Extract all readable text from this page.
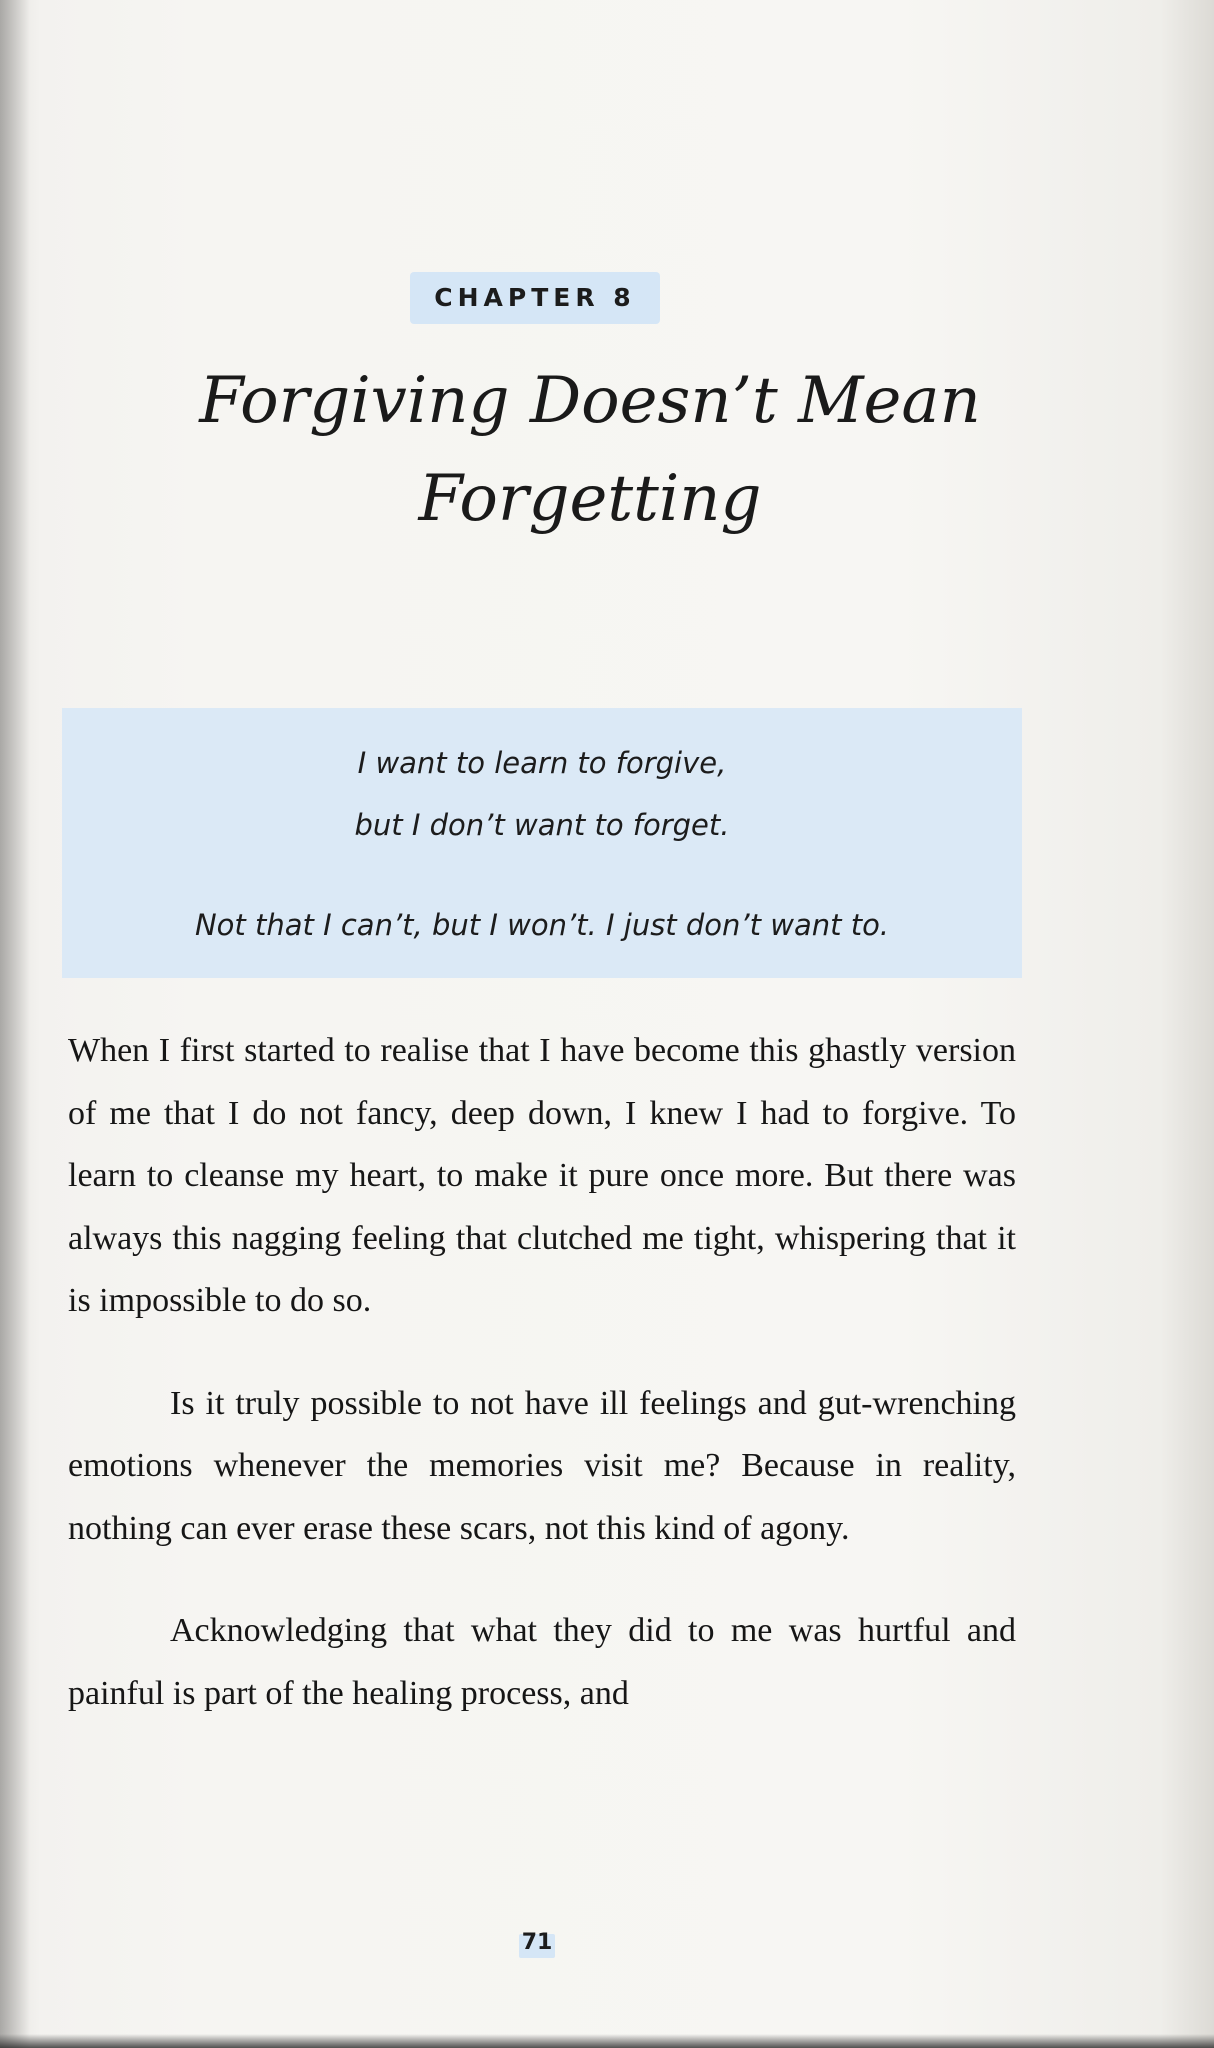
CHAPTER 8
Forgiving Doesn’t Mean Forgetting
I want to learn to forgive,
but I don’t want to forget.
Not that I can’t, but I won’t. I just don’t want to.

When I first started to realise that I have become this ghastly version of me that I do not fancy, deep down, I knew I had to forgive. To learn to cleanse my heart, to make it pure once more. But there was always this nagging feeling that clutched me tight, whispering that it is impossible to do so.

Is it truly possible to not have ill feelings and gut-wrenching emotions whenever the memories visit me? Because in reality, nothing can ever erase these scars, not this kind of agony.

Acknowledging that what they did to me was hurtful and painful is part of the healing process, and

71
